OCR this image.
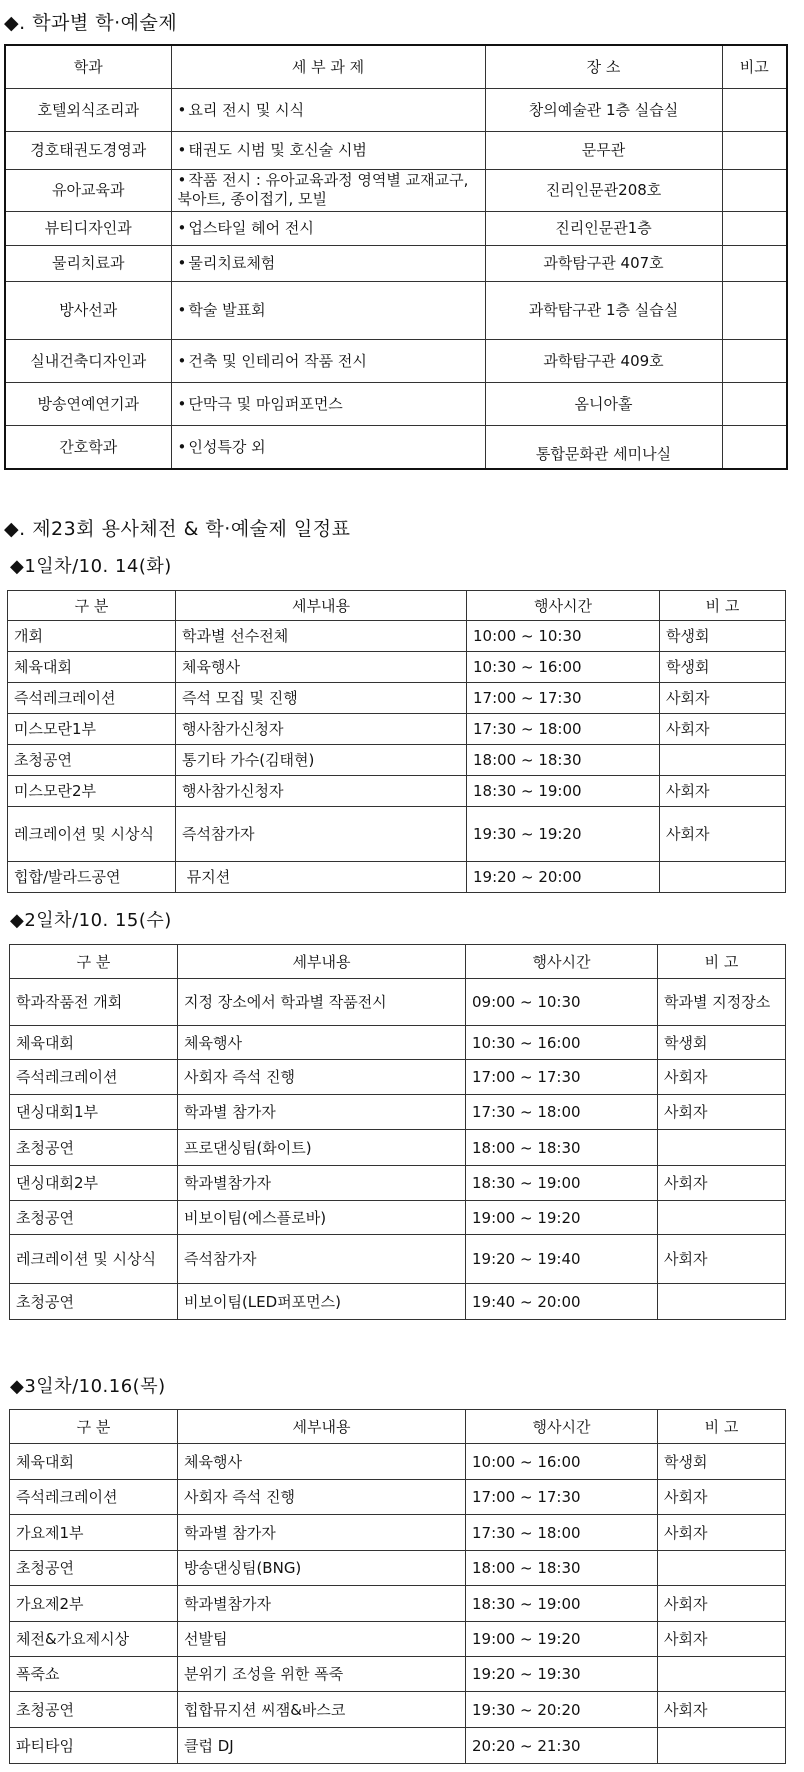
◆. 학과별 학·예술제
학과	세 부 과 제	장 소	비고
호텔외식조리과	• 요리 전시 및 시식	창의예술관 1층 실습실	
경호태권도경영과	• 태권도 시범 및 호신술 시범	문무관	
유아교육과	• 작품 전시 : 유아교육과정 영역별 교재교구, 북아트, 종이접기, 모빌	진리인문관208호	
뷰티디자인과	• 업스타일 헤어 전시	진리인문관1층	
물리치료과	• 물리치료체험	과학탐구관 407호	
방사선과	• 학술 발표회	과학탐구관 1층 실습실	
실내건축디자인과	• 건축 및 인테리어 작품 전시	과학탐구관 409호	
방송연예연기과	• 단막극 및 마임퍼포먼스	옴니아홀	
간호학과	• 인성특강 외	통합문화관 세미나실	
◆. 제23회 용사체전 & 학·예술제 일정표
◆1일차/10. 14(화)
구 분	세부내용	행사시간	비 고
개회	학과별 선수전체	10:00 ~ 10:30	학생회
체육대회	체육행사	10:30 ~ 16:00	학생회
즉석레크레이션	즉석 모집 및 진행	17:00 ~ 17:30	사회자
미스모란1부	행사참가신청자	17:30 ~ 18:00	사회자
초청공연	통기타 가수(김태현)	18:00 ~ 18:30	
미스모란2부	행사참가신청자	18:30 ~ 19:00	사회자
레크레이션 및 시상식	즉석참가자	19:30 ~ 19:20	사회자
힙합/발라드공연	뮤지션	19:20 ~ 20:00	
◆2일차/10. 15(수)
구 분	세부내용	행사시간	비 고
학과작품전 개회	지정 장소에서 학과별 작품전시	09:00 ~ 10:30	학과별 지정장소
체육대회	체육행사	10:30 ~ 16:00	학생회
즉석레크레이션	사회자 즉석 진행	17:00 ~ 17:30	사회자
댄싱대회1부	학과별 참가자	17:30 ~ 18:00	사회자
초청공연	프로댄싱팀(화이트)	18:00 ~ 18:30	
댄싱대회2부	학과별참가자	18:30 ~ 19:00	사회자
초청공연	비보이팀(에스플로바)	19:00 ~ 19:20	
레크레이션 및 시상식	즉석참가자	19:20 ~ 19:40	사회자
초청공연	비보이팀(LED퍼포먼스)	19:40 ~ 20:00	
◆3일차/10.16(목)
구 분	세부내용	행사시간	비 고
체육대회	체육행사	10:00 ~ 16:00	학생회
즉석레크레이션	사회자 즉석 진행	17:00 ~ 17:30	사회자
가요제1부	학과별 참가자	17:30 ~ 18:00	사회자
초청공연	방송댄싱팀(BNG)	18:00 ~ 18:30	
가요제2부	학과별참가자	18:30 ~ 19:00	사회자
체전&가요제시상	선발팀	19:00 ~ 19:20	사회자
폭죽쇼	분위기 조성을 위한 폭죽	19:20 ~ 19:30	
초청공연	힙합뮤지션 씨잼&바스코	19:30 ~ 20:20	사회자
파티타임	클럽 DJ	20:20 ~ 21:30	
